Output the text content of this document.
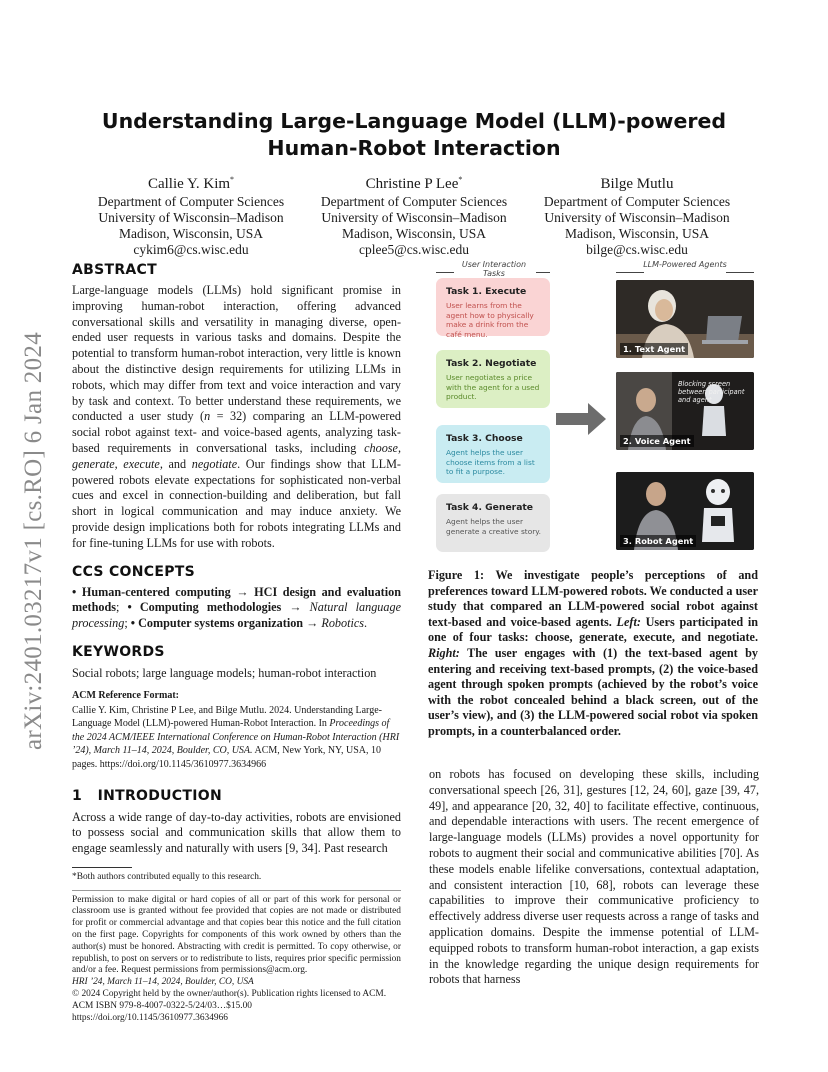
arXiv:2401.03217v1 [cs.RO] 6 Jan 2024
Understanding Large-Language Model (LLM)-powered
Human-Robot Interaction
Callie Y. Kim*
Department of Computer Sciences
University of Wisconsin–Madison
Madison, Wisconsin, USA
cykim6@cs.wisc.edu
Christine P Lee*
Department of Computer Sciences
University of Wisconsin–Madison
Madison, Wisconsin, USA
cplee5@cs.wisc.edu
Bilge Mutlu
Department of Computer Sciences
University of Wisconsin–Madison
Madison, Wisconsin, USA
bilge@cs.wisc.edu
ABSTRACT

Large-language models (LLMs) hold significant promise in improving human-robot interaction, offering advanced conversational skills and versatility in managing diverse, open-ended user requests in various tasks and domains. Despite the potential to transform human-robot interaction, very little is known about the distinctive design requirements for utilizing LLMs in robots, which may differ from text and voice interaction and vary by task and context. To better understand these requirements, we conducted a user study (n = 32) comparing an LLM-powered social robot against text- and voice-based agents, analyzing task-based requirements in conversational tasks, including choose, generate, execute, and negotiate. Our findings show that LLM-powered robots elevate expectations for sophisticated non-verbal cues and excel in connection-building and deliberation, but fall short in logical communication and may induce anxiety. We provide design implications both for robots integrating LLMs and for fine-tuning LLMs for use with robots.

CCS CONCEPTS

• Human-centered computing → HCI design and evaluation methods; • Computing methodologies → Natural language processing; • Computer systems organization → Robotics.

KEYWORDS

Social robots; large language models; human-robot interaction

ACM Reference Format:

Callie Y. Kim, Christine P Lee, and Bilge Mutlu. 2024. Understanding Large-Language Model (LLM)-powered Human-Robot Interaction. In Proceedings of the 2024 ACM/IEEE International Conference on Human-Robot Interaction (HRI ’24), March 11–14, 2024, Boulder, CO, USA. ACM, New York, NY, USA, 10 pages. https://doi.org/10.1145/3610977.3634966

1   INTRODUCTION

Across a wide range of day-to-day activities, robots are envisioned to possess social and communication skills that allow them to engage seamlessly and naturally with users [9, 34]. Past research

*Both authors contributed equally to this research.

Permission to make digital or hard copies of all or part of this work for personal or classroom use is granted without fee provided that copies are not made or distributed for profit or commercial advantage and that copies bear this notice and the full citation on the first page. Copyrights for components of this work owned by others than the author(s) must be honored. Abstracting with credit is permitted. To copy otherwise, or republish, to post on servers or to redistribute to lists, requires prior specific permission and/or a fee. Request permissions from permissions@acm.org.

HRI ’24, March 11–14, 2024, Boulder, CO, USA

© 2024 Copyright held by the owner/author(s). Publication rights licensed to ACM.

ACM ISBN 979-8-4007-0322-5/24/03…$15.00

https://doi.org/10.1145/3610977.3634966

User Interaction Tasks
LLM-Powered Agents
Task 1. Execute
User learns from the agent how to physically make a drink from the café menu.
Task 2. Negotiate
User negotiates a price with the agent for a used product.
Task 3. Choose
Agent helps the user choose items from a list to fit a purpose.
Task 4. Generate
Agent helps the user generate a creative story.
1. Text Agent
Blocking screen between participant and agent
2. Voice Agent
3. Robot Agent

Figure 1: We investigate people’s perceptions of and preferences toward LLM-powered robots. We conducted a user study that compared an LLM-powered social robot against text-based and voice-based agents. Left: Users participated in one of four tasks: choose, generate, execute, and negotiate. Right: The user engages with (1) the text-based agent by entering and receiving text-based prompts, (2) the voice-based agent through spoken prompts (achieved by the robot’s voice with the robot concealed behind a black screen, out of the user’s view), and (3) the LLM-powered social robot via spoken prompts, in a counterbalanced order.

on robots has focused on developing these skills, including conversational speech [26, 31], gestures [12, 24, 60], gaze [39, 47, 49], and appearance [20, 32, 40] to facilitate effective, continuous, and dependable interactions with users. The recent emergence of large-language models (LLMs) provides a novel opportunity for robots to augment their social and communicative abilities [70]. As these models enable lifelike conversations, contextual adaptation, and consistent interaction [10, 68], robots can leverage these capabilities to improve their communicative proficiency to effectively address diverse user requests across a range of tasks and application domains. Despite the immense potential of LLM-equipped robots to transform human-robot interaction, a gap exists in the knowledge regarding the unique design requirements for robots that harness
